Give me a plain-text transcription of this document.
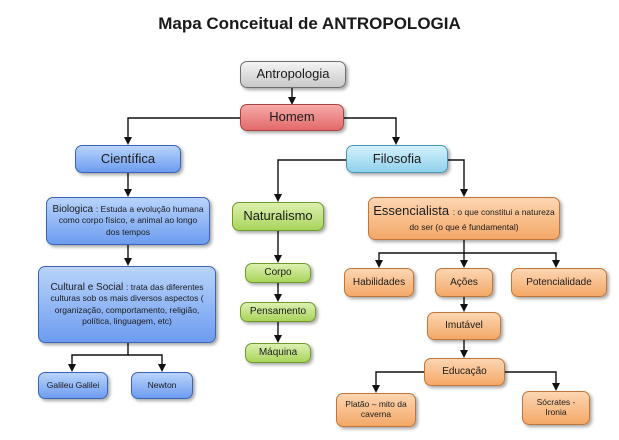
Mapa Conceitual de ANTROPOLOGIA
Antropologia
Homem
Científica	Filosofia
Biologica : Estuda a evolução humana como corpo físico, e animal ao longo dos tempos
Cultural e Social : trata das diferentes culturas sob os mais diversos aspectos ( organização, comportamento, religião, política, linguagem, etc)
Galileu Galilei	Newton
Naturalismo
Corpo
Pensamento
Máquina
Essencialista : o que constitui a natureza do ser (o que é fundamental)
Habilidades	Ações	Potencialidade
Imutável
Educação
Platão – mito da caverna
Sócrates - Ironia
